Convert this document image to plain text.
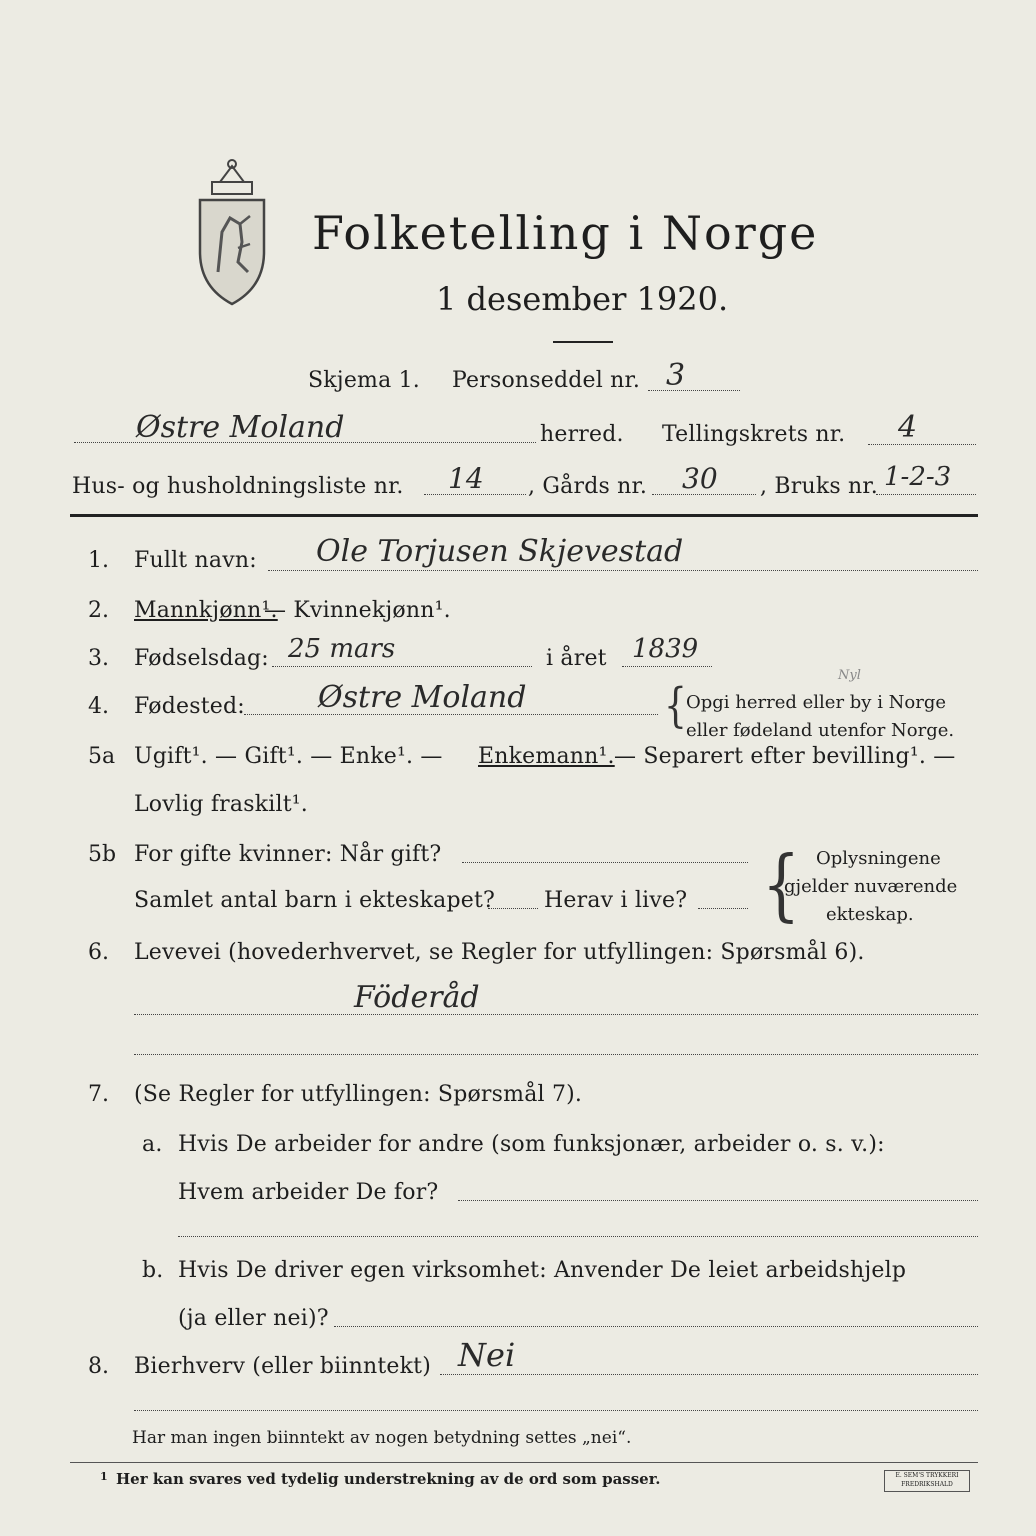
Folketelling i Norge
1 desember 1920.
Skjema 1. Personseddel nr. 3
Østre Moland	herred. Tellingskrets nr. 4
Hus- og husholdningsliste nr. 14 , Gårds nr. 30 , Bruks nr. 1-2-3
1. Fullt navn: Ole Torjusen Skjevestad
2. Mannkjønn¹.
— Kvinnekjønn¹.
3. Fødselsdag: 25 mars	i året 1839
4. Fødested: Østre Moland	{ Opgi herred eller by i Norge
eller fødeland utenfor Norge.
Nyl
5a Ugift¹. — Gift¹. — Enke¹. — Enkemann¹. — Separert efter bevilling¹. —
Lovlig fraskilt¹.
5b For gifte kvinner: Når gift?
Samlet antal barn i ekteskapet? Herav i live? { Oplysningene
gjelder nuværende
ekteskap.
6. Levevei (hovederhvervet, se Regler for utfyllingen: Spørsmål 6).
Föderåd
7. (Se Regler for utfyllingen: Spørsmål 7).
a. Hvis De arbeider for andre (som funksjonær, arbeider o. s. v.):
Hvem arbeider De for?
b. Hvis De driver egen virksomhet: Anvender De leiet arbeidshjelp
(ja eller nei)?
8. Bierhverv (eller biinntekt) Nei
Har man ingen biinntekt av nogen betydning settes „nei“.
1 Her kan svares ved tydelig understrekning av de ord som passer.	E. SEM'S TRYKKERI FREDRIKSHALD
